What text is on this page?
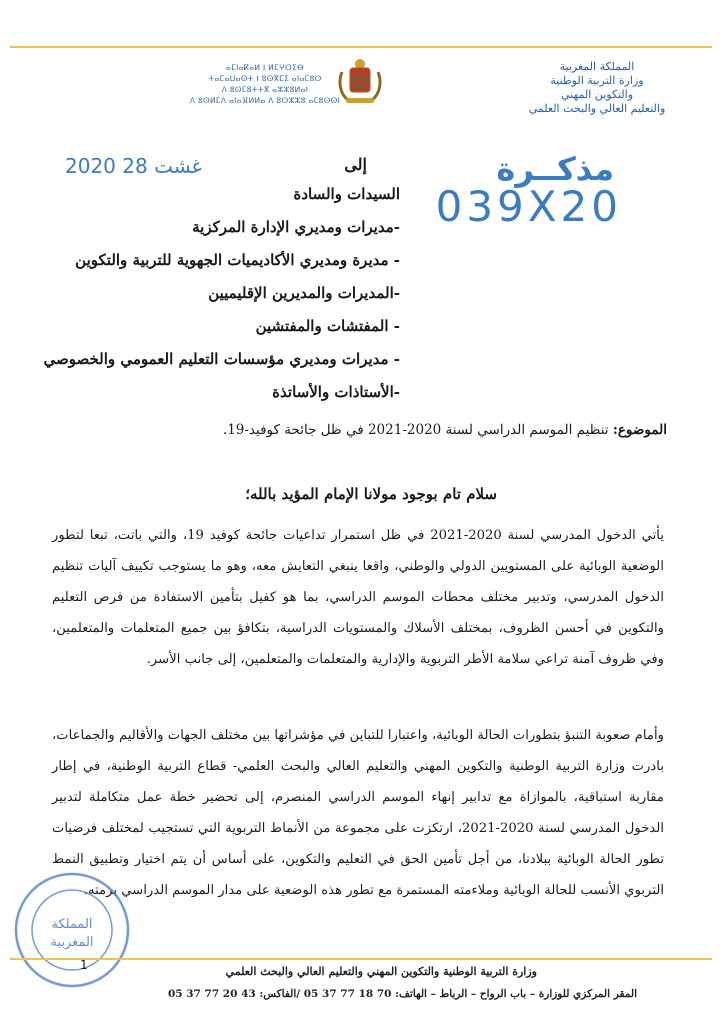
المملكة المغربية
وزارة التربية الوطنية
والتكوين المهني
والتعليم العالي والبحث العلمي
ⴰⵎⵏⴰⴽⴰⵍ ⵏ ⵍⵎⵖⵔⵉⴱ
ⵜⴰⵎⴰⵡⴰⵙⵜ ⵏ ⵓⵙⴳⵎⵉ ⴰⵏⴰⵎⵓⵔ
ⴷ ⵓⵙⵎⵓⵜⵜⴳ ⴰⵣⵣⵓⵍⴰⵏ
ⴷ ⵓⵙⵍⵎⴷ ⴰⵏⴰⴼⵍⵍⴰ ⴷ ⵓⵔⵣⵣⵓ ⴰⵎⵓⵙⵙⵏ
مذكــرة
039X20
2020 غشت 28	إلى
السيدات والسادة
-مديرات ومديري الإدارة المركزية
- مديرة ومديري الأكاديميات الجهوية للتربية والتكوين
-المديرات والمديرين الإقليميين
- المفتشات والمفتشين
- مديرات ومديري مؤسسات التعليم العمومي والخصوصي
-الأستاذات والأساتذة
الموضوع: تنظيم الموسم الدراسي لسنة 2020-2021 في ظل جائحة كوفيد-19.
سلام تام بوجود مولانا الإمام المؤيد بالله؛
يأتي الدخول المدرسي لسنة 2020-2021 في ظل استمرار تداعيات جائحة كوفيد 19، والتي باتت، تبعا لتطور الوضعية الوبائية على المستويين الدولي والوطني، واقعا ينبغي التعايش معه، وهو ما يستوجب تكييف آليات تنظيم الدخول المدرسي، وتدبير مختلف محطات الموسم الدراسي، بما هو كفيل بتأمين الاستفادة من فرص التعليم والتكوين في أحسن الظروف، بمختلف الأسلاك والمستويات الدراسية، بتكافؤ بين جميع المتعلمات والمتعلمين، وفي ظروف آمنة تراعي سلامة الأطر التربوية والإدارية والمتعلمات والمتعلمين، إلى جانب الأسر.
وأمام صعوبة التنبؤ بتطورات الحالة الوبائية، واعتبارا للتباين في مؤشراتها بين مختلف الجهات والأقاليم والجماعات، بادرت وزارة التربية الوطنية والتكوين المهني والتعليم العالي والبحث العلمي- قطاع التربية الوطنية، في إطار مقاربة استباقية، بالموازاة مع تدابير إنهاء الموسم الدراسي المنصرم، إلى تحضير خطة عمل متكاملة لتدبير الدخول المدرسي لسنة 2020-2021، ارتكزت على مجموعة من الأنماط التربوية التي تستجيب لمختلف فرضيات تطور الحالة الوبائية ببلادنا، من أجل تأمين الحق في التعليم والتكوين، على أساس أن يتم اختيار وتطبيق النمط التربوي الأنسب للحالة الوبائية وملاءمته المستمرة مع تطور هذه الوضعية على مدار الموسم الدراسي برمته.
المملكة
المغربية
1	وزارة التربية الوطنية والتكوين المهني والتعليم العالي والبحث العلمي
المقر المركزي للوزارة – باب الرواح – الرباط – الهاتف: 70 18 77 37 05 /الفاكس: 43 20 77 37 05
